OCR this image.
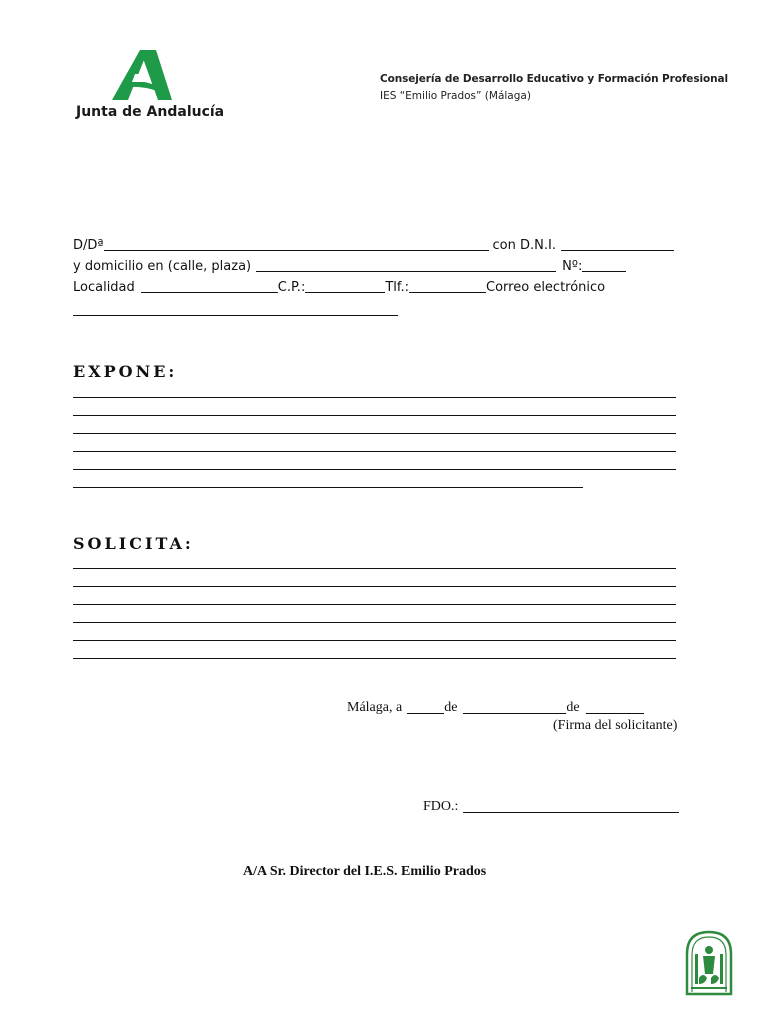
Junta de Andalucía
Consejería de Desarrollo Educativo y Formación Profesional
IES “Emilio Prados” (Málaga)
D/Dª	con D.N.I.
y domicilio en (calle, plaza)	Nº:
Localidad	C.P.:	Tlf.:	Correo electrónico
EXPONE:
SOLICITA:
Málaga, a	de	de
(Firma del solicitante)
FDO.:
A/A Sr. Director del I.E.S. Emilio Prados
